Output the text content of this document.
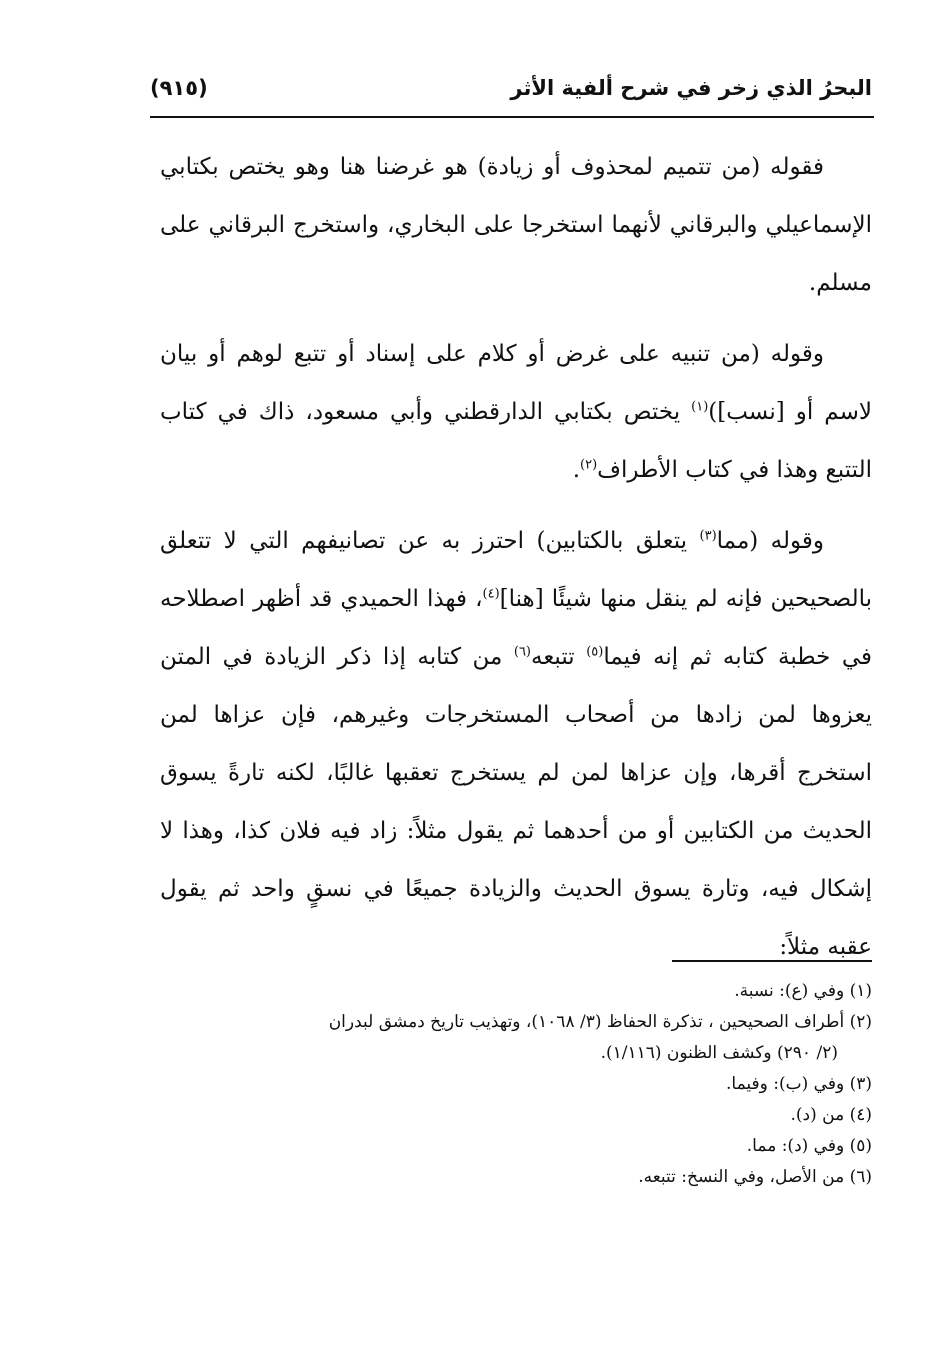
البحرُ الذي زخر في شرح ألفية الأثر
(٩١٥)

فقوله (من تتميم لمحذوف أو زيادة) هو غرضنا هنا وهو يختص بكتابي الإسماعيلي والبرقاني لأنهما استخرجا على البخاري، واستخرج البرقاني على مسلم.

وقوله (من تنبيه على غرض أو كلام على إسناد أو تتبع لوهم أو بيان لاسم أو [نسب])$^{(١)}$ يختص بكتابي الدارقطني وأبي مسعود، ذاك في كتاب التتبع وهذا في كتاب الأطراف$^{(٢)}$.

وقوله (مما$^{(٣)}$ يتعلق بالكتابين) احترز به عن تصانيفهم التي لا تتعلق بالصحيحين فإنه لم ينقل منها شيئًا [هنا]$^{(٤)}$، فهذا الحميدي قد أظهر اصطلاحه في خطبة كتابه ثم إنه فيما$^{(٥)}$ تتبعه$^{(٦)}$ من كتابه إذا ذكر الزيادة في المتن يعزوها لمن زادها من أصحاب المستخرجات وغيرهم، فإن عزاها لمن استخرج أقرها، وإن عزاها لمن لم يستخرج تعقبها غالبًا، لكنه تارةً يسوق الحديث من الكتابين أو من أحدهما ثم يقول مثلاً: زاد فيه فلان كذا، وهذا لا إشكال فيه، وتارة يسوق الحديث والزيادة جميعًا في نسقٍ واحد ثم يقول عقبه مثلاً:

(١) وفي (ع): نسبة.

(٢) أطراف الصحيحين ، تذكرة الحفاظ (٣/ ١٠٦٨)، وتهذيب تاريخ دمشق لبدران

(٢/ ٢٩٠) وكشف الظنون (١/١١٦).

(٣) وفي (ب): وفيما.

(٤) من (د).

(٥) وفي (د): مما.

(٦) من الأصل، وفي النسخ: تتبعه.
